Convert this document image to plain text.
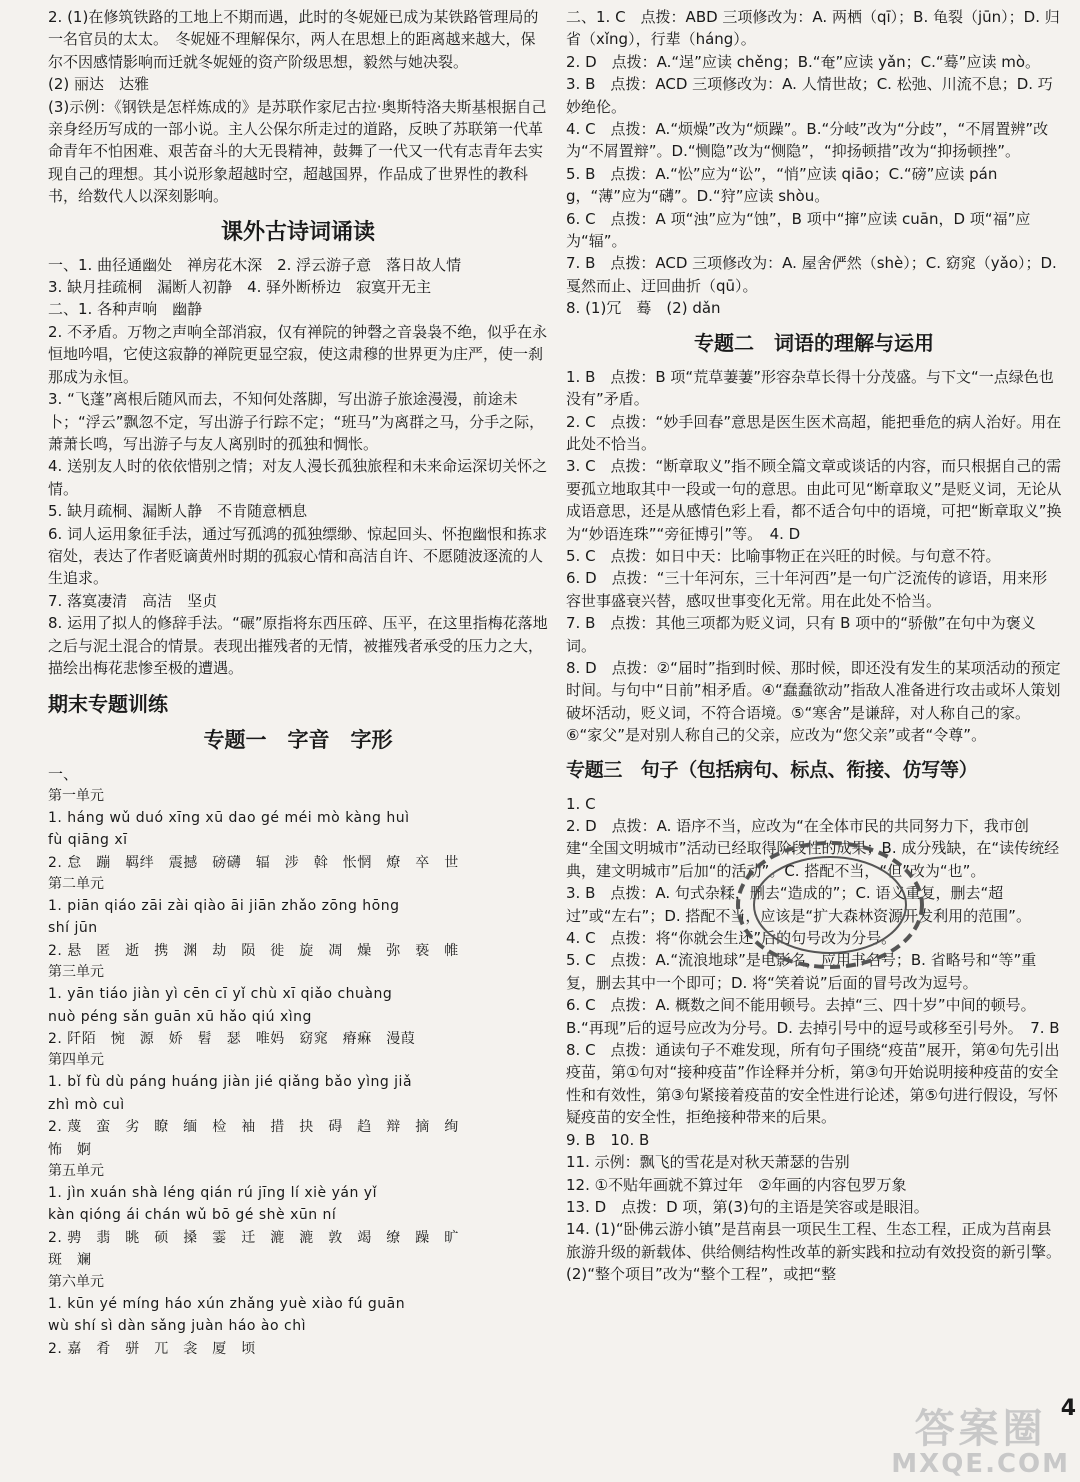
2. (1)在修筑铁路的工地上不期而遇，此时的冬妮娅已成为某铁路管理局的一名官员的太太。　冬妮娅不理解保尔，两人在思想上的距离越来越大，保尔不因感情影响而迁就冬妮娅的资产阶级思想，毅然与她决裂。
(2) 丽达　达雅
(3)示例：《钢铁是怎样炼成的》是苏联作家尼古拉·奥斯特洛夫斯基根据自己亲身经历写成的一部小说。主人公保尔所走过的道路，反映了苏联第一代革命青年不怕困难、艰苦奋斗的大无畏精神，鼓舞了一代又一代有志青年去实现自己的理想。其小说形象超越时空，超越国界，作品成了世界性的教科书，给数代人以深刻影响。
课外古诗词诵读
一、1. 曲径通幽处　禅房花木深　2. 浮云游子意　落日故人情
3. 缺月挂疏桐　漏断人初静　4. 驿外断桥边　寂寞开无主
二、1. 各种声响　幽静
2. 不矛盾。万物之声响全部消寂，仅有禅院的钟磬之音袅袅不绝，似乎在永恒地吟唱，它使这寂静的禅院更显空寂，使这肃穆的世界更为庄严，使一刹那成为永恒。
3. “飞蓬”离根后随风而去，不知何处落脚，写出游子旅途漫漫，前途未卜；“浮云”飘忽不定，写出游子行踪不定；“班马”为离群之马，分手之际，萧萧长鸣，写出游子与友人离别时的孤独和惆怅。
4. 送别友人时的依依惜别之情；对友人漫长孤独旅程和未来命运深切关怀之情。
5. 缺月疏桐、漏断人静　不肯随意栖息
6. 词人运用象征手法，通过写孤鸿的孤独缥缈、惊起回头、怀抱幽恨和拣求宿处，表达了作者贬谪黄州时期的孤寂心情和高洁自许、不愿随波逐流的人生追求。
7. 落寞凄清　高洁　坚贞
8. 运用了拟人的修辞手法。“碾”原指将东西压碎、压平，在这里指梅花落地之后与泥土混合的情景。表现出摧残者的无情，被摧残者承受的压力之大，描绘出梅花悲惨至极的遭遇。
期末专题训练
专题一　字音　字形
一、
第一单元
1. háng wǔ duó xīng xū dao gé méi mò kàng huì
fù qiāng xī
2. 怠　蹦　羁绊　震撼　磅礴　辐　涉　斡　怅惘　燎　卒　世
第二单元
1. piān qiáo zāi zài qiào āi jiān zhǎo zōng hōng
shí jūn
2. 悬　匿　逝　携　渊　劫　陨　徙　旋　凋　燥　弥　亵　帷
第三单元
1. yān tiáo jiàn yì cēn cī yǐ chù xī qiǎo chuàng
nuò péng sǎn guān xū hǎo qiú xìng
2. 阡陌　惋　源　娇　髫　瑟　唯妈　窈窕　瘠痳　漫葭
第四单元
1. bǐ fù dù páng huáng jiàn jié qiǎng bǎo yìng jiǎ
zhì mò cuì
2. 蔑　蛮　劣　瞭　缅　检　袖　措　抉　碍　趋　辩　摘　绚
怖　婀
第五单元
1. jìn xuán shà léng qián rú jīng lí xiè yán yǐ
kàn qióng ái chán wǔ bō gé shè xūn ní
2. 骋　翡　眺　硕　搡　霎　迁　漉　漉　敦　竭　缭　躁　旷
斑　斓
第六单元
1. kūn yé míng háo xún zhǎng yuè xiào fú guān
wù shí sì dàn sǎng juàn háo ào chì
2. 嘉　肴　骈　兀　衾　厦　顷
二、1. C　点拨：ABD 三项修改为：A. 两栖（qī）；B. 龟裂（jūn）；D. 归省（xǐng），行辈（háng）。
2. D　点拨：A.“逞”应读 chěng；B.“奄”应读 yǎn；C.“蓦”应读 mò。
3. B　点拨：ACD 三项修改为：A. 人情世故；C. 松弛、川流不息；D. 巧妙绝伦。
4. C　点拨：A.“烦燥”改为“烦躁”。B.“分岐”改为“分歧”，“不屑置辨”改为“不屑置辩”。D.“恻隐”改为“恻隐”，“抑扬顿措”改为“抑扬顿挫”。
5. B　点拨：A.“忪”应为“讼”，“悄”应读 qiāo；C.“磅”应读 páng，“薄”应为“礴”。D.“狩”应读 shòu。
6. C　点拨：A 项“浊”应为“蚀”，B 项中“撺”应读 cuān，D 项“福”应为“辐”。
7. B　点拨：ACD 三项修改为：A. 屋舍俨然（shè）；C. 窈窕（yǎo）；D. 戛然而止、迂回曲折（qū）。
8. (1)冗　蓦　(2) dǎn
专题二　词语的理解与运用
1. B　点拨：B 项“荒草萋萋”形容杂草长得十分茂盛。与下文“一点绿色也没有”矛盾。
2. C　点拨：“妙手回春”意思是医生医术高超，能把垂危的病人治好。用在此处不恰当。
3. C　点拨：“断章取义”指不顾全篇文章或谈话的内容，而只根据自己的需要孤立地取其中一段或一句的意思。由此可见“断章取义”是贬义词，无论从成语意思，还是从感情色彩上看，都不适合句中的语境，可把“断章取义”换为“妙语连珠”“旁征博引”等。　4. D
5. C　点拨：如日中天：比喻事物正在兴旺的时候。与句意不符。
6. D　点拨：“三十年河东，三十年河西”是一句广泛流传的谚语，用来形容世事盛衰兴替，感叹世事变化无常。用在此处不恰当。
7. B　点拨：其他三项都为贬义词，只有 B 项中的“骄傲”在句中为褒义词。
8. D　点拨：②“届时”指到时候、那时候，即还没有发生的某项活动的预定时间。与句中“日前”相矛盾。④“蠢蠢欲动”指敌人准备进行攻击或坏人策划破坏活动，贬义词，不符合语境。⑤“寒舍”是谦辞，对人称自己的家。⑥“家父”是对别人称自己的父亲，应改为“您父亲”或者“令尊”。
专题三　句子（包括病句、标点、衔接、仿写等）
1. C
2. D　点拨：A. 语序不当，应改为“在全体市民的共同努力下，我市创建“全国文明城市”活动已经取得阶段性的成果；B. 成分残缺，在“读传统经典，建文明城市”后加“的活动”。C. 搭配不当，“但”改为“也”。
3. B　点拨：A. 句式杂糅，删去“造成的”；C. 语义重复，删去“超过”或“左右”；D. 搭配不当，应该是“扩大森林资源开发利用的范围”。
4. C　点拨：将“你就会生还”后的句号改为分号。
5. C　点拨：A.“流浪地球”是电影名，应用书名号；B. 省略号和“等”重复，删去其中一个即可；D. 将“笑着说”后面的冒号改为逗号。
6. C　点拨：A. 概数之间不能用顿号。去掉“三、四十岁”中间的顿号。B.“再现”后的逗号应改为分号。D. 去掉引号中的逗号或移至引号外。　7. B
8. C　点拨：通读句子不难发现，所有句子围绕“疫苗”展开，第④句先引出疫苗，第①句对“接种疫苗”作诠释并分析，第③句开始说明接种疫苗的安全性和有效性，第③句紧接着疫苗的安全性进行论述，第⑤句进行假设，写怀疑疫苗的安全性，拒绝接种带来的后果。
9. B　10. B
11. 示例：飘飞的雪花是对秋天萧瑟的告别
12. ①不贴年画就不算过年　②年画的内容包罗万象
13. D　点拨：D 项，第(3)句的主语是笑容或是眼泪。
14. (1)“卧佛云游小镇”是莒南县一项民生工程、生态工程，正成为莒南县旅游升级的新载体、供给侧结构性改革的新实践和拉动有效投资的新引擎。　(2)“整个项目”改为“整个工程”，或把“整
答案圈
MXQE.COM
4
